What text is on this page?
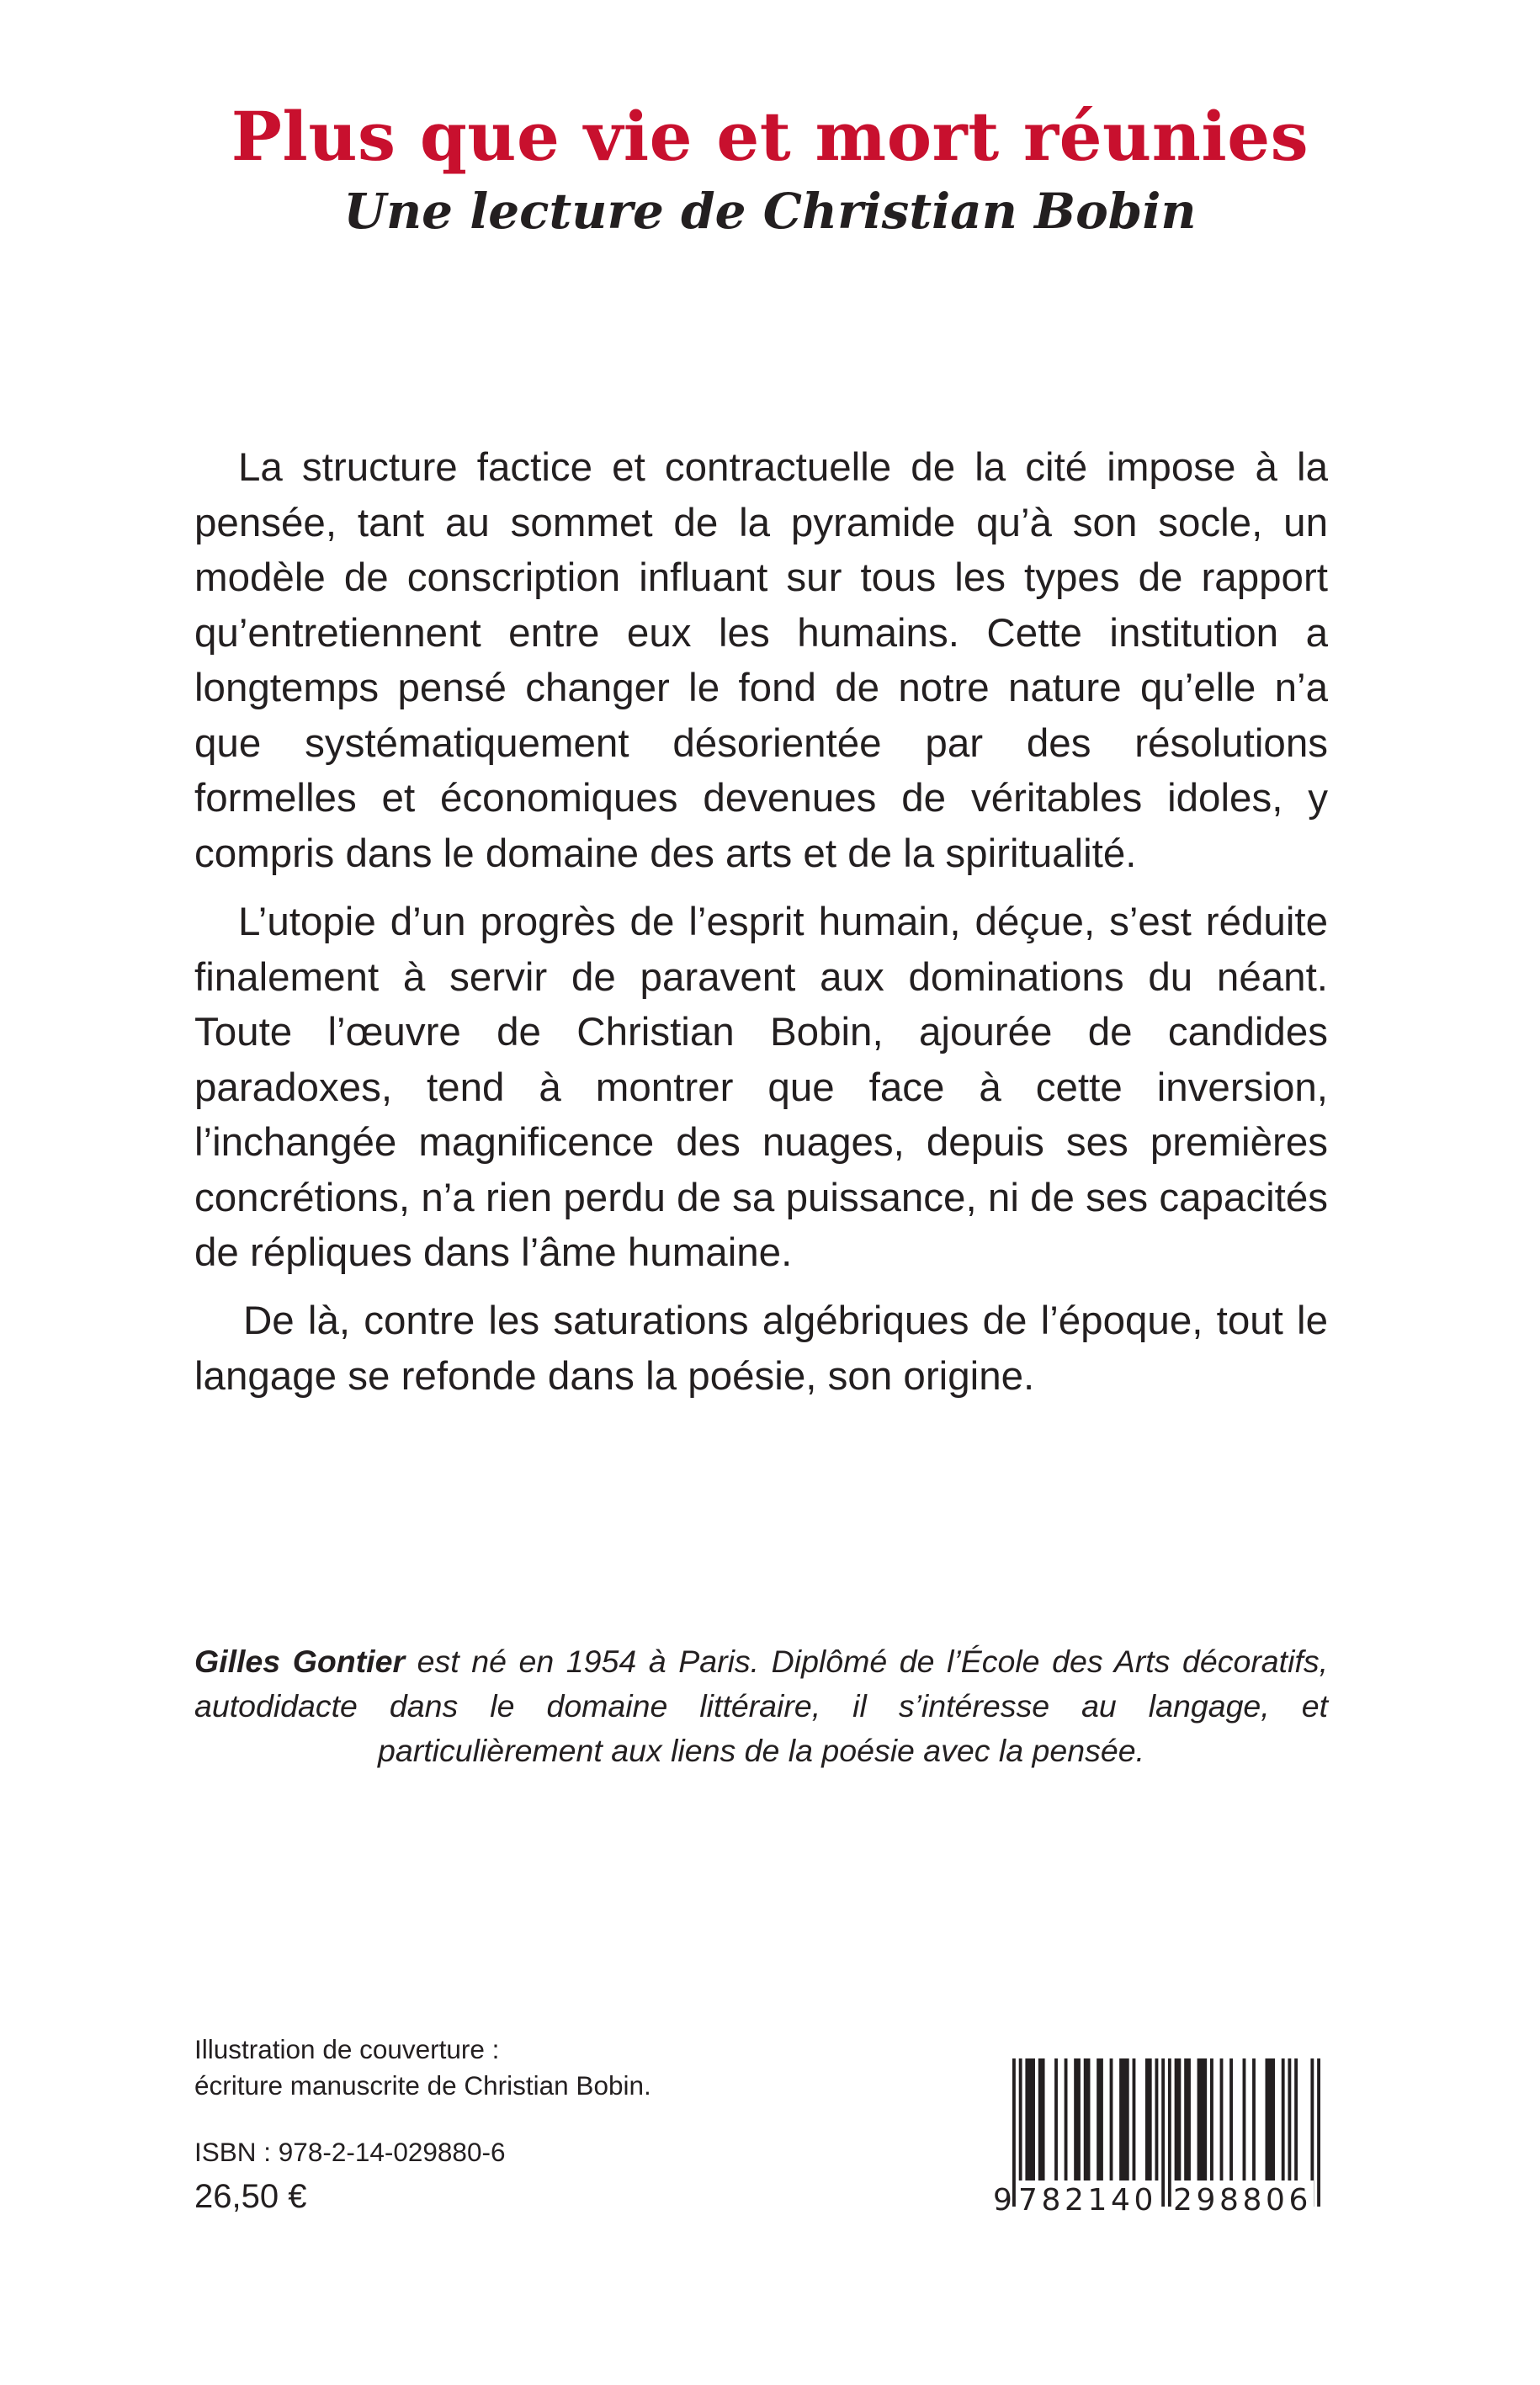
Plus que vie et mort réunies
Une lecture de Christian Bobin

La structure factice et contractuelle de la cité impose à la pensée, tant au sommet de la pyramide qu’à son socle, un modèle de conscription influant sur tous les types de rapport qu’entretiennent entre eux les humains. Cette institution a longtemps pensé changer le fond de notre nature qu’elle n’a que systématiquement désorientée par des résolutions formelles et économiques devenues de véritables idoles, y compris dans le domaine des arts et de la spiritualité.

L’utopie d’un progrès de l’esprit humain, déçue, s’est réduite finalement à servir de paravent aux dominations du néant. Toute l’œuvre de Christian Bobin, ajourée de candides paradoxes, tend à montrer que face à cette inversion, l’inchangée magnificence des nuages, depuis ses premières concrétions, n’a rien perdu de sa puissance, ni de ses capacités de répliques dans l’âme humaine.

De là, contre les saturations algébriques de l’époque, tout le langage se refonde dans la poésie, son origine.

Gilles Gontier est né en 1954 à Paris. Diplômé de l’École des Arts décoratifs, autodidacte dans le domaine littéraire, il s’intéresse au langage, et particulièrement aux liens de la poésie avec la pensée.

Illustration de couverture :
écriture manuscrite de Christian Bobin.
ISBN : 978-2-14-029880-6
26,50 €	9 782140 298806
